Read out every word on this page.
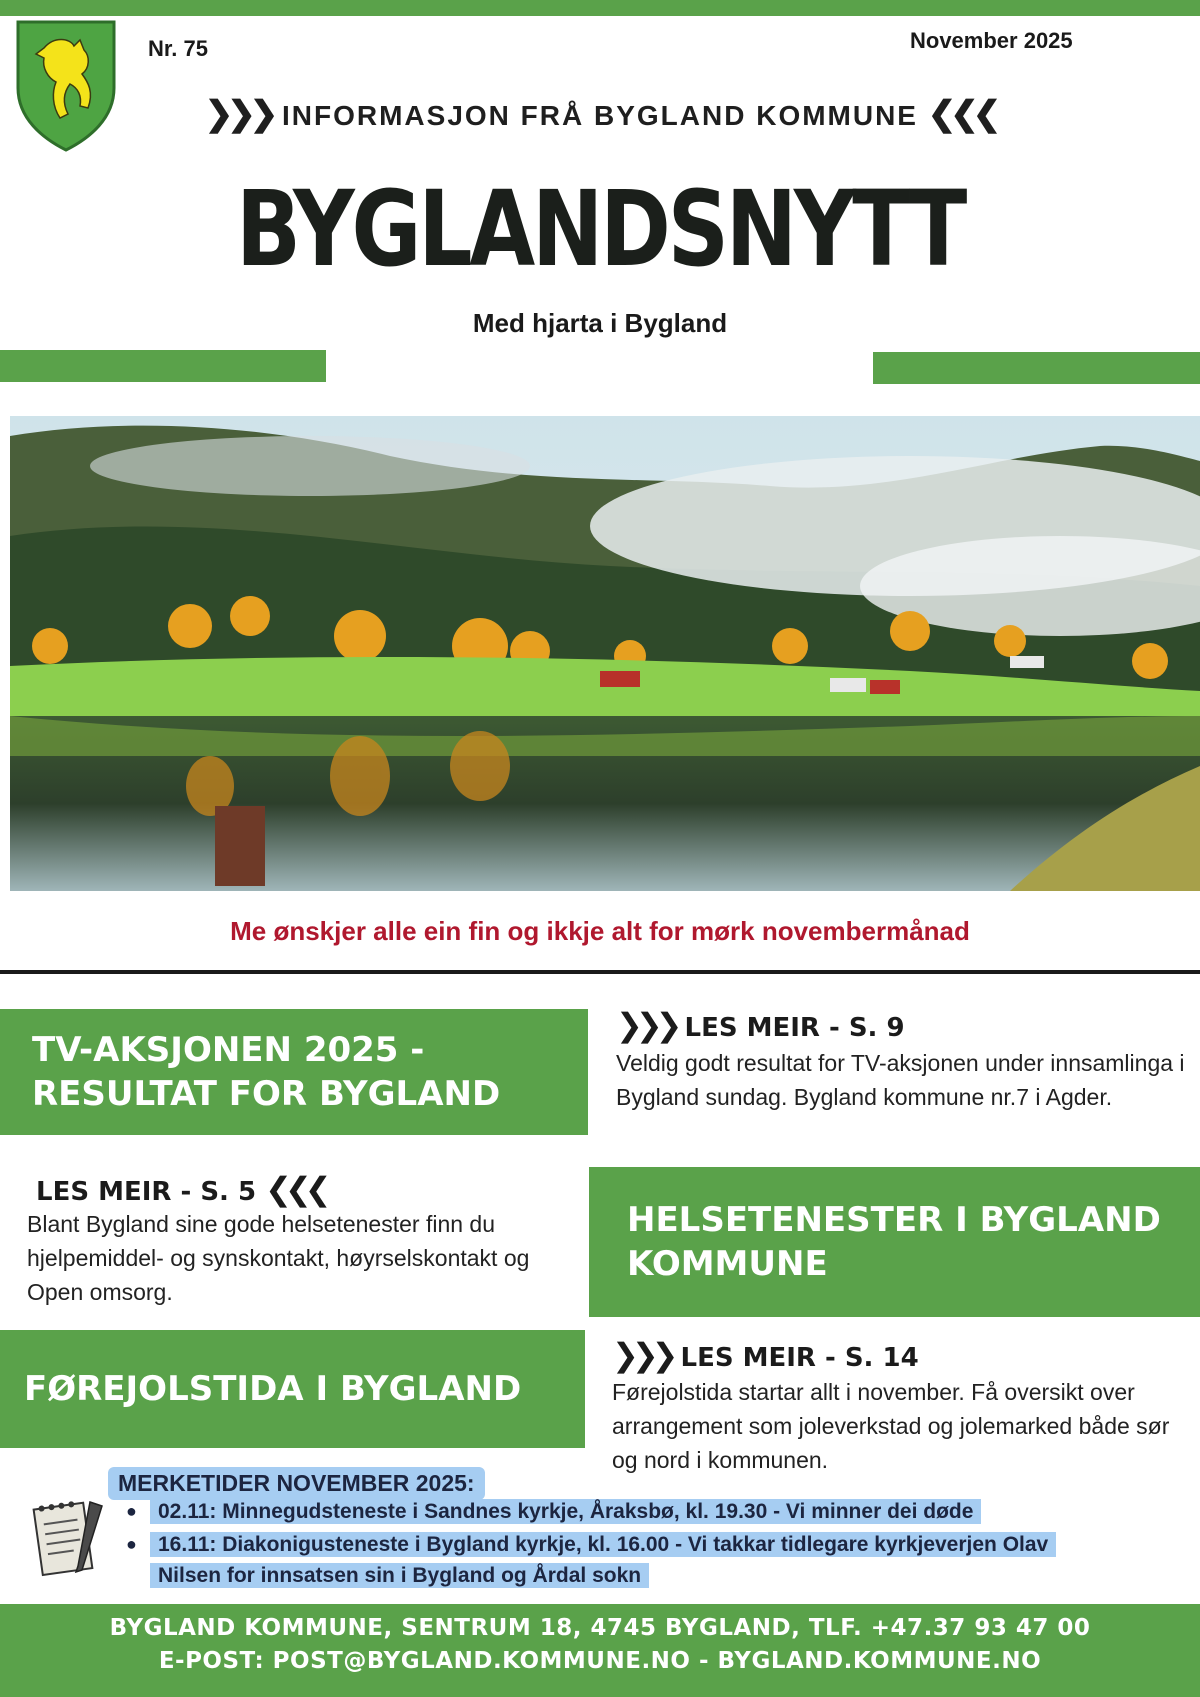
Nr. 75	November 2025
❯❯❯ INFORMASJON FRÅ BYGLAND KOMMUNE ❮❮❮
BYGLANDSNYTT
Med hjarta i Bygland
Me ønskjer alle ein fin og ikkje alt for mørk novembermånad
TV-AKSJONEN 2025 - RESULTAT FOR BYGLAND
❯❯❯ LES MEIR - S. 9
Veldig godt resultat for TV-aksjonen under innsamlinga i Bygland sundag. Bygland kommune nr.7 i Agder.
LES MEIR - S. 5 ❮❮❮
Blant Bygland sine gode helsetenester finn du hjelpemiddel- og synskontakt, høyrselskontakt og Open omsorg.
HELSETENESTER I BYGLAND KOMMUNE
FØREJOLSTIDA I BYGLAND
❯❯❯ LES MEIR - S. 14
Førejolstida startar allt i november. Få oversikt over arrangement som joleverkstad og jolemarked både sør og nord i kommunen.
MERKETIDER NOVEMBER 2025:
●	02.11: Minnegudsteneste i Sandnes kyrkje, Åraksbø, kl. 19.30 - Vi minner dei døde
●	16.11: Diakonigusteneste i Bygland kyrkje, kl. 16.00 - Vi takkar tidlegare kyrkjeverjen Olav
Nilsen for innsatsen sin i Bygland og Årdal sokn
BYGLAND KOMMUNE, SENTRUM 18, 4745 BYGLAND, TLF. +47.37 93 47 00
E-POST: POST@BYGLAND.KOMMUNE.NO - BYGLAND.KOMMUNE.NO
